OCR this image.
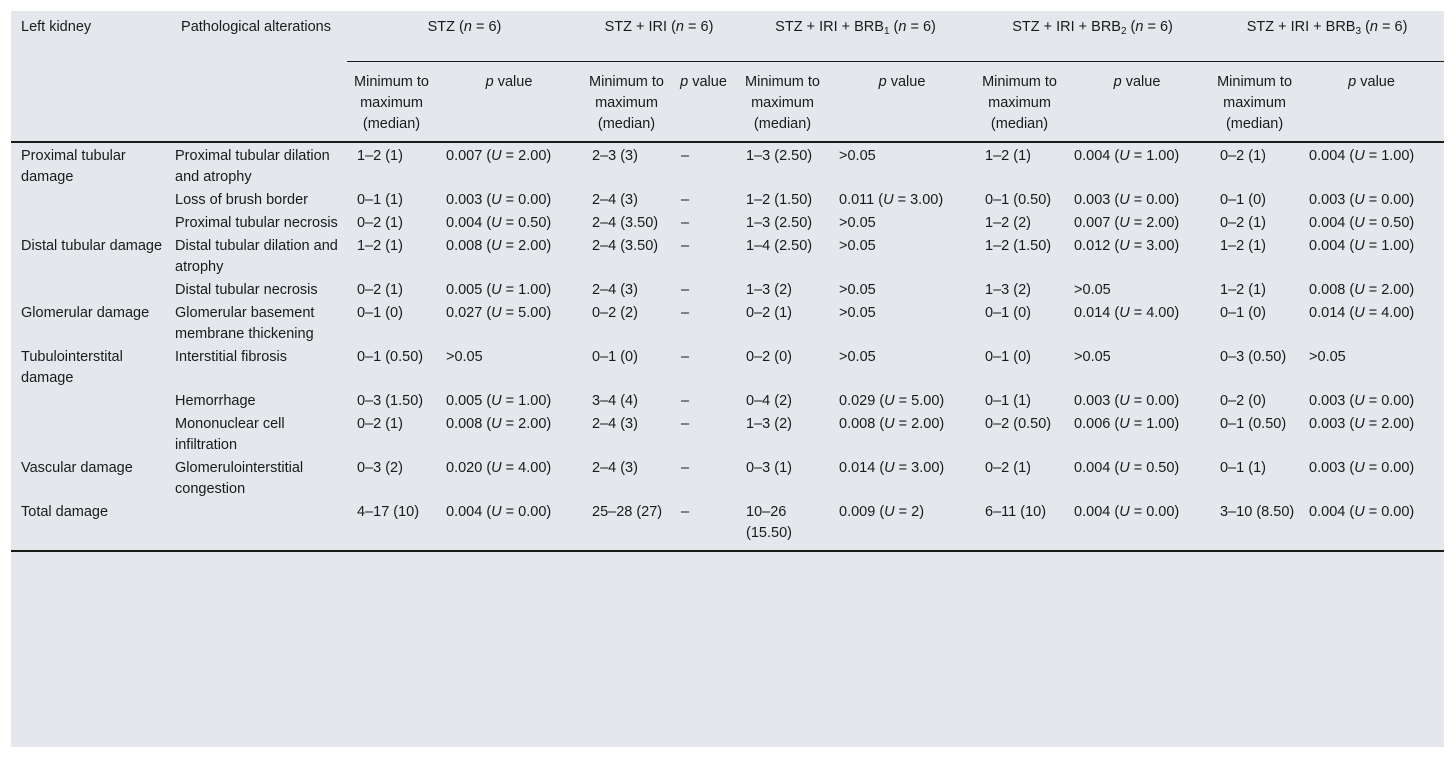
Left kidney	Pathological alterations	STZ (n = 6)		STZ + IRI (n = 6)		STZ + IRI + $BRB_1$ (n = 6)		STZ + IRI + $BRB_2$ (n = 6)		STZ + IRI + $BRB_3$ (n = 6)	
		Minimum to maximum (median)	p value	Minimum to maximum (median)	p value	Minimum to maximum (median)	p value	Minimum to maximum (median)	p value	Minimum to maximum (median)	p value
Proximal tubular damage	Proximal tubular dilation and atrophy	1–2 (1)	0.007 (U = 2.00)	2–3 (3)	–	1–3 (2.50)	>0.05	1–2 (1)	0.004 (U = 1.00)	0–2 (1)	0.004 (U = 1.00)
	Loss of brush border	0–1 (1)	0.003 (U = 0.00)	2–4 (3)	–	1–2 (1.50)	0.011 (U = 3.00)	0–1 (0.50)	0.003 (U = 0.00)	0–1 (0)	0.003 (U = 0.00)
	Proximal tubular necrosis	0–2 (1)	0.004 (U = 0.50)	2–4 (3.50)	–	1–3 (2.50)	>0.05	1–2 (2)	0.007 (U = 2.00)	0–2 (1)	0.004 (U = 0.50)
Distal tubular damage	Distal tubular dilation and atrophy	1–2 (1)	0.008 (U = 2.00)	2–4 (3.50)	–	1–4 (2.50)	>0.05	1–2 (1.50)	0.012 (U = 3.00)	1–2 (1)	0.004 (U = 1.00)
	Distal tubular necrosis	0–2 (1)	0.005 (U = 1.00)	2–4 (3)	–	1–3 (2)	>0.05	1–3 (2)	>0.05	1–2 (1)	0.008 (U = 2.00)
Glomerular damage	Glomerular basement membrane thickening	0–1 (0)	0.027 (U = 5.00)	0–2 (2)	–	0–2 (1)	>0.05	0–1 (0)	0.014 (U = 4.00)	0–1 (0)	0.014 (U = 4.00)
Tubulointerstital damage	Interstitial fibrosis	0–1 (0.50)	>0.05	0–1 (0)	–	0–2 (0)	>0.05	0–1 (0)	>0.05	0–3 (0.50)	>0.05
	Hemorrhage	0–3 (1.50)	0.005 (U = 1.00)	3–4 (4)	–	0–4 (2)	0.029 (U = 5.00)	0–1 (1)	0.003 (U = 0.00)	0–2 (0)	0.003 (U = 0.00)
	Mononuclear cell infiltration	0–2 (1)	0.008 (U = 2.00)	2–4 (3)	–	1–3 (2)	0.008 (U = 2.00)	0–2 (0.50)	0.006 (U = 1.00)	0–1 (0.50)	0.003 (U = 2.00)
Vascular damage	Glomerulointerstitial congestion	0–3 (2)	0.020 (U = 4.00)	2–4 (3)	–	0–3 (1)	0.014 (U = 3.00)	0–2 (1)	0.004 (U = 0.50)	0–1 (1)	0.003 (U = 0.00)
Total damage		4–17 (10)	0.004 (U = 0.00)	25–28 (27)	–	10–26 (15.50)	0.009 (U = 2)	6–11 (10)	0.004 (U = 0.00)	3–10 (8.50)	0.004 (U = 0.00)
